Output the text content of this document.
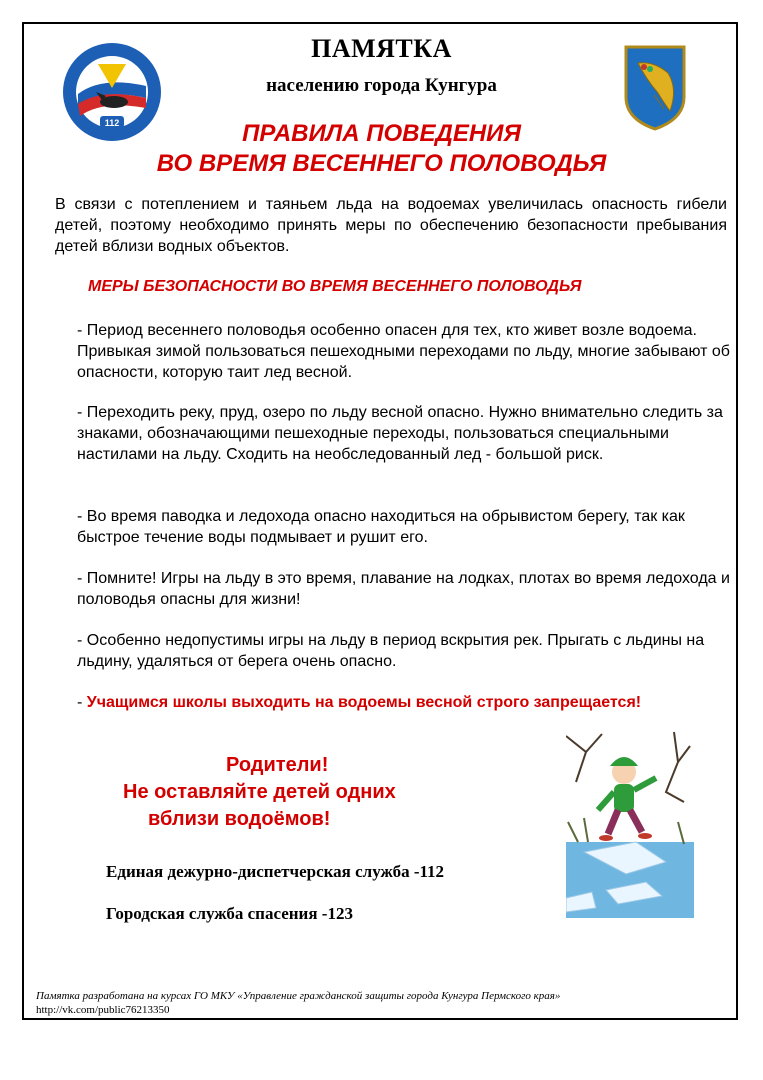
112
ПАМЯТКА
населению города Кунгура
ПРАВИЛА ПОВЕДЕНИЯ
ВО ВРЕМЯ ВЕСЕННЕГО ПОЛОВОДЬЯ
В связи с потеплением и таяньем льда на водоемах увеличилась опасность гибели детей, поэтому необходимо принять меры по обеспечению безопасности пребывания детей вблизи водных объектов.
МЕРЫ БЕЗОПАСНОСТИ ВО ВРЕМЯ ВЕСЕННЕГО ПОЛОВОДЬЯ
- Период весеннего половодья особенно опасен для тех, кто живет возле водоема. Привыкая зимой пользоваться пешеходными переходами по льду, многие забывают об опасности, которую таит лед весной.
- Переходить реку, пруд, озеро по льду весной опасно. Нужно внимательно следить за знаками, обозначающими пешеходные переходы, пользоваться специальными настилами на льду. Сходить на необследованный лед - большой риск.
- Во время паводка и ледохода опасно находиться на обрывистом берегу, так как быстрое течение воды подмывает и рушит его.
- Помните! Игры на льду в это время, плавание на лодках, плотах во время ледохода и половодья опасны для жизни!
- Особенно недопустимы игры на льду в период вскрытия рек. Прыгать с льдины на льдину, удаляться от берега очень опасно.
- Учащимся школы выходить на водоемы весной строго запрещается!
Родители!
Не оставляйте детей одних
вблизи водоёмов!
Единая дежурно-диспетчерская служба -112
Городская служба спасения -123
Памятка разработана на курсах ГО МКУ «Управление гражданской защиты города Кунгура Пермского края»
http://vk.com/public76213350
